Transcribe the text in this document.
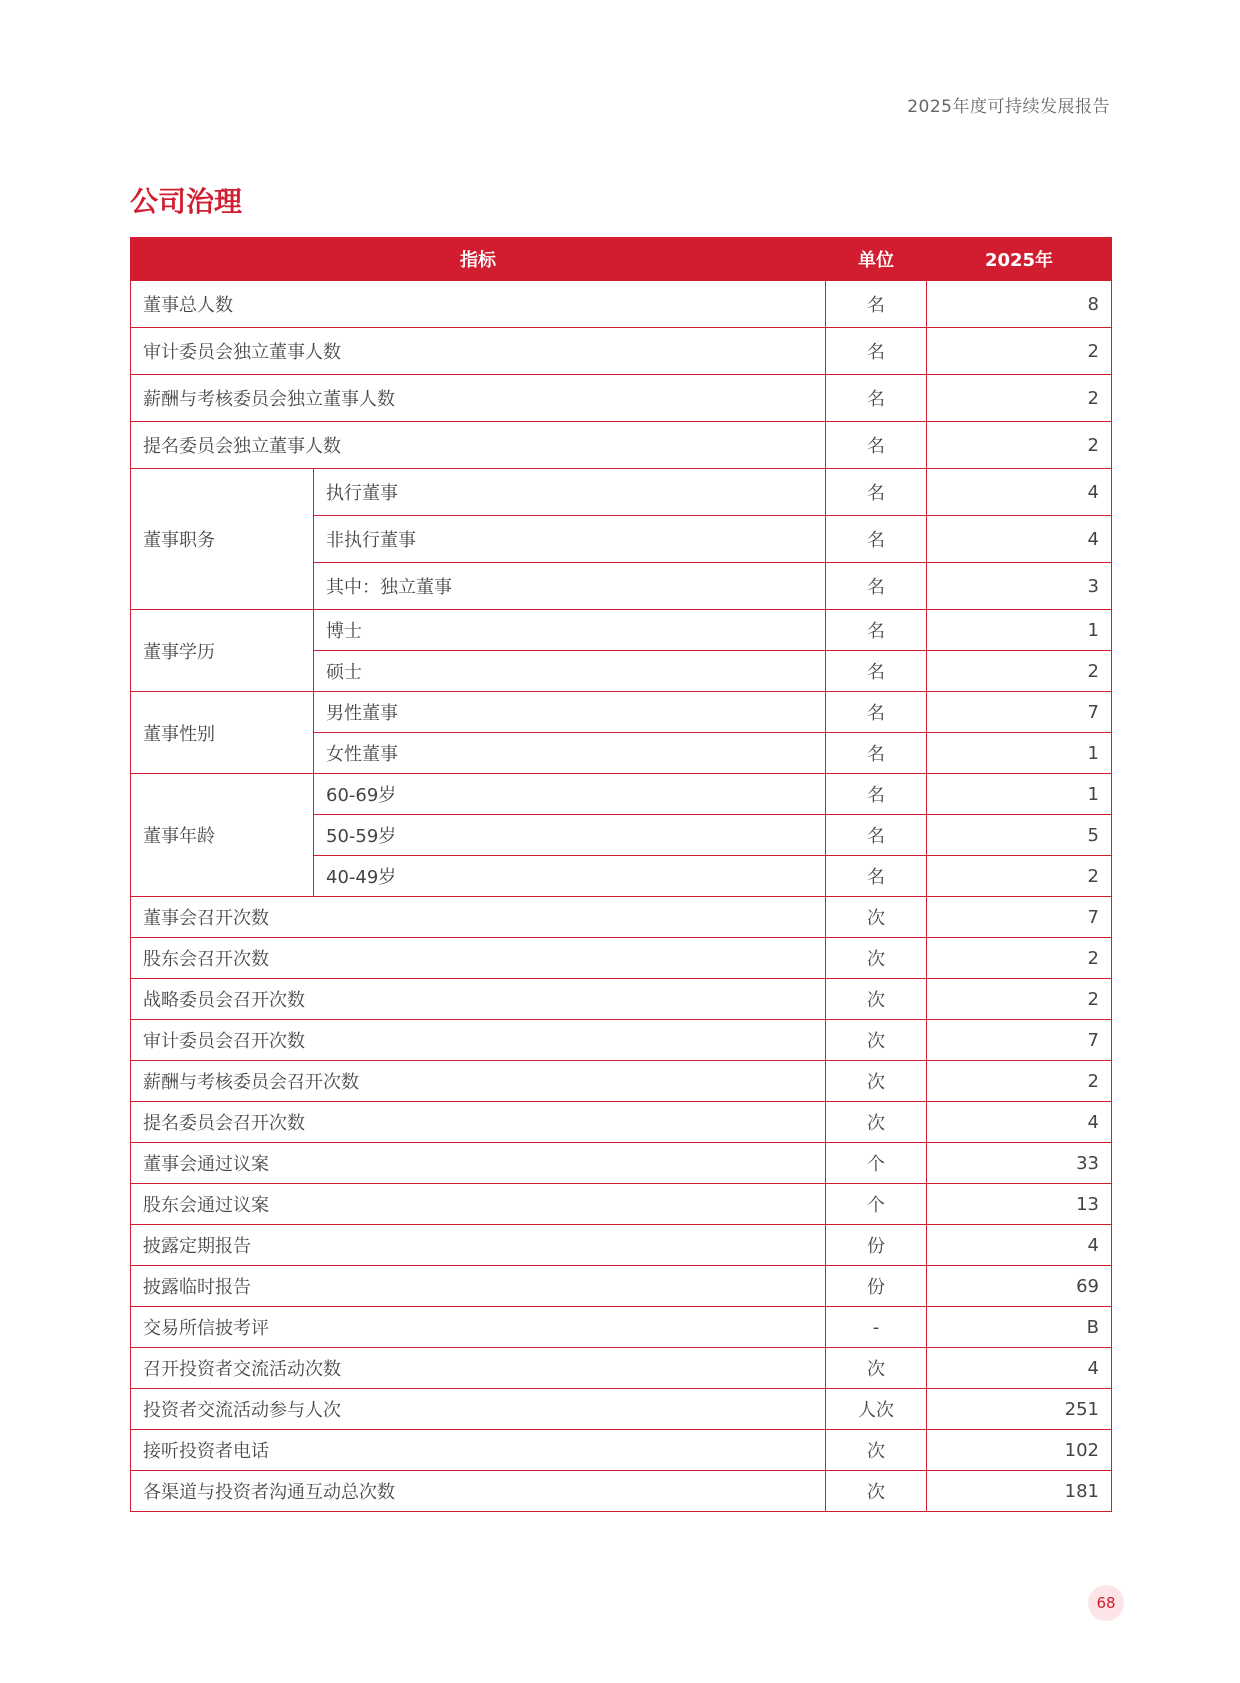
2025年度可持续发展报告
公司治理
指标		单位	2025年
董事总人数		名	8
审计委员会独立董事人数		名	2
薪酬与考核委员会独立董事人数		名	2
提名委员会独立董事人数		名	2
董事职务	执行董事	名	4
	非执行董事	名	4
	其中：独立董事	名	3
董事学历	博士	名	1
	硕士	名	2
董事性别	男性董事	名	7
	女性董事	名	1
董事年龄	60-69岁	名	1
	50-59岁	名	5
	40-49岁	名	2
董事会召开次数		次	7
股东会召开次数		次	2
战略委员会召开次数		次	2
审计委员会召开次数		次	7
薪酬与考核委员会召开次数		次	2
提名委员会召开次数		次	4
董事会通过议案		个	33
股东会通过议案		个	13
披露定期报告		份	4
披露临时报告		份	69
交易所信披考评		-	B
召开投资者交流活动次数		次	4
投资者交流活动参与人次		人次	251
接听投资者电话		次	102
各渠道与投资者沟通互动总次数		次	181
68
